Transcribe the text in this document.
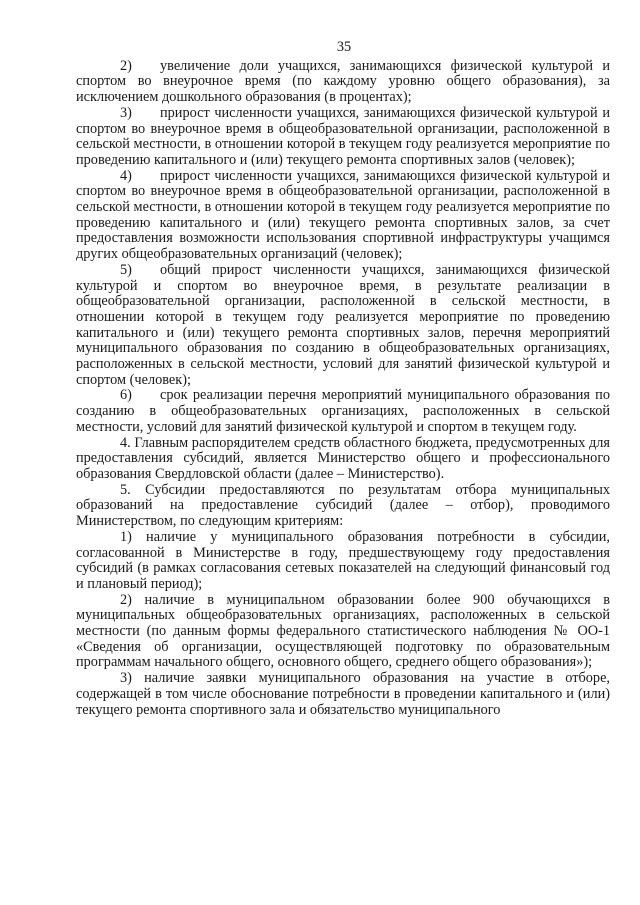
35

2) увеличение доли учащихся, занимающихся физической культурой и спортом во внеурочное время (по каждому уровню общего образования), за исключением дошкольного образования (в процентах);

3) прирост численности учащихся, занимающихся физической культурой и спортом во внеурочное время в общеобразовательной организации, расположенной в сельской местности, в отношении которой в текущем году реализуется мероприятие по проведению капитального и (или) текущего ремонта спортивных залов (человек);

4) прирост численности учащихся, занимающихся физической культурой и спортом во внеурочное время в общеобразовательной организации, расположенной в сельской местности, в отношении которой в текущем году реализуется мероприятие по проведению капитального и (или) текущего ремонта спортивных залов, за счет предоставления возможности использования спортивной инфраструктуры учащимся других общеобразовательных организаций (человек);

5) общий прирост численности учащихся, занимающихся физической культурой и спортом во внеурочное время, в результате реализации в общеобразовательной организации, расположенной в сельской местности, в отношении которой в текущем году реализуется мероприятие по проведению капитального и (или) текущего ремонта спортивных залов, перечня мероприятий муниципального образования по созданию в общеобразовательных организациях, расположенных в сельской местности, условий для занятий физической культурой и спортом (человек);

6) срок реализации перечня мероприятий муниципального образования по созданию в общеобразовательных организациях, расположенных в сельской местности, условий для занятий физической культурой и спортом в текущем году.

4. Главным распорядителем средств областного бюджета, предусмотренных для предоставления субсидий, является Министерство общего и профессионального образования Свердловской области (далее – Министерство).

5. Субсидии предоставляются по результатам отбора муниципальных образований на предоставление субсидий (далее – отбор), проводимого Министерством, по следующим критериям:

1) наличие у муниципального образования потребности в субсидии, согласованной в Министерстве в году, предшествующему году предоставления субсидий (в рамках согласования сетевых показателей на следующий финансовый год и плановый период);

2) наличие в муниципальном образовании более 900 обучающихся в муниципальных общеобразовательных организациях, расположенных в сельской местности (по данным формы федерального статистического наблюдения № ОО-1 «Сведения об организации, осуществляющей подготовку по образовательным программам начального общего, основного общего, среднего общего образования»);

3) наличие заявки муниципального образования на участие в отборе, содержащей в том числе обоснование потребности в проведении капитального и (или) текущего ремонта спортивного зала и обязательство муниципального
